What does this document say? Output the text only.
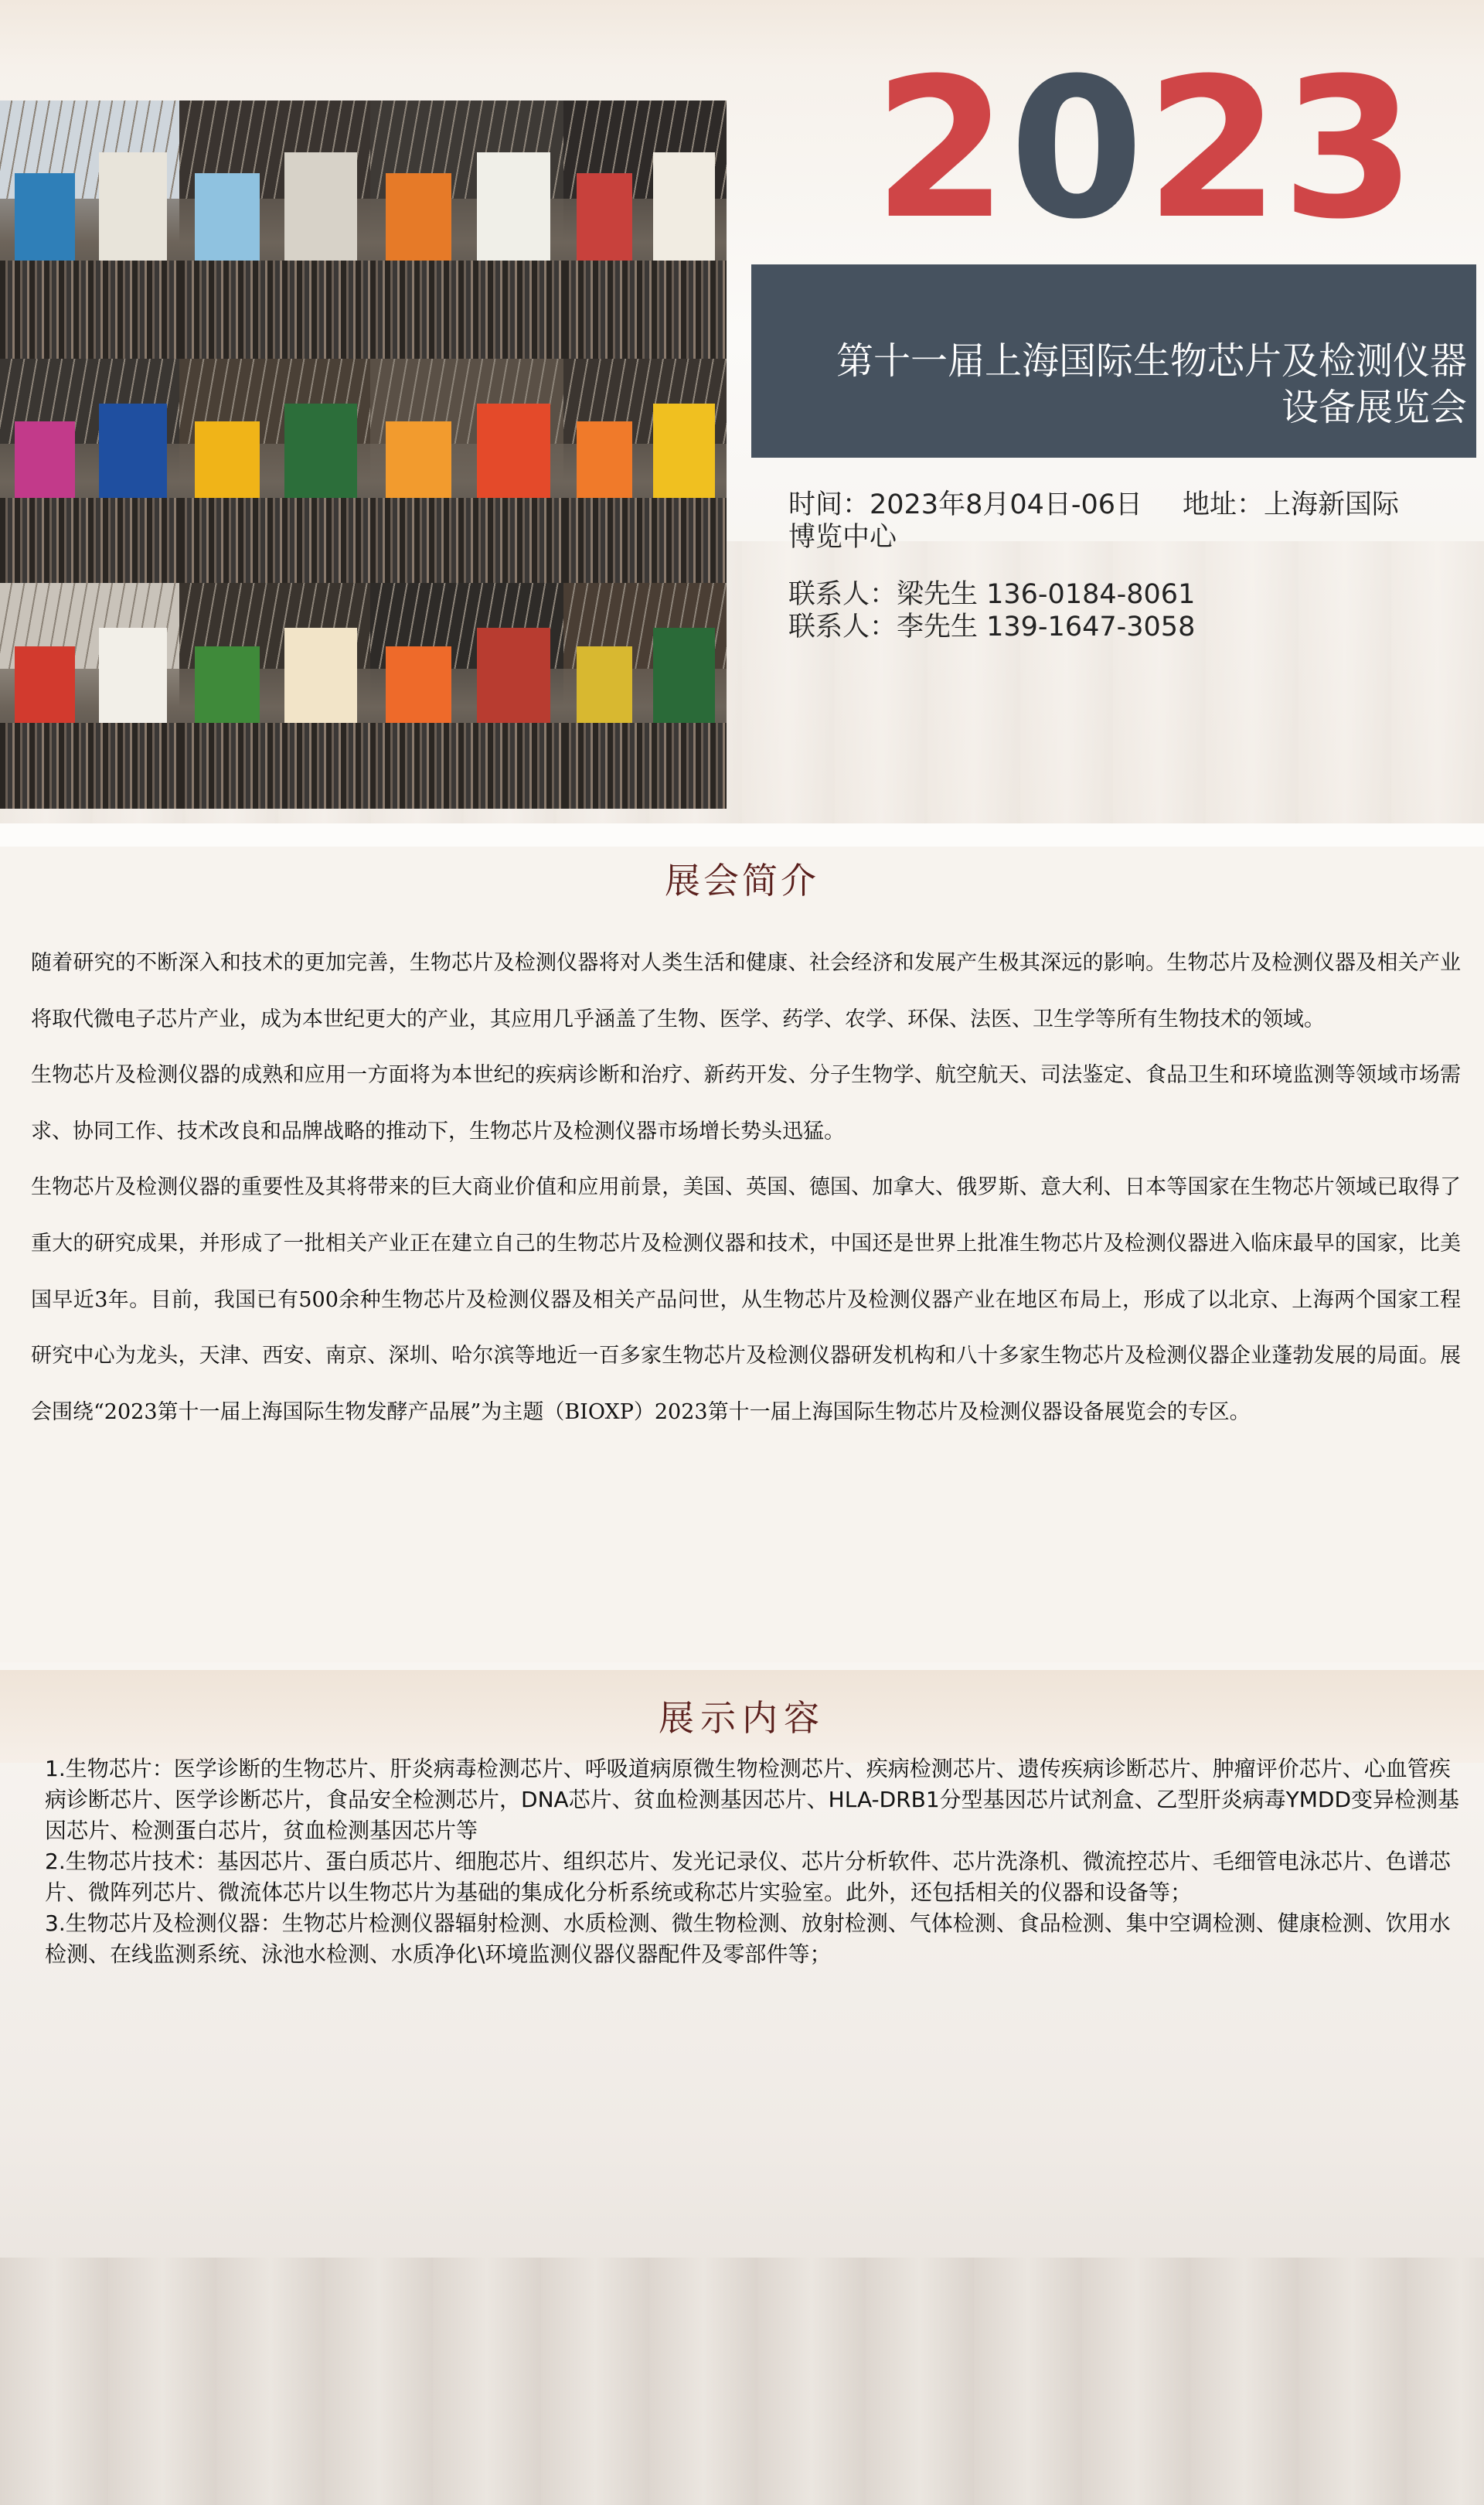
2 0 2 3
第十一届上海国际生物芯片及检测仪器
设备展览会
时间：2023年8月04日-06日 地址：上海新国际
博览中心
联系人：梁先生 136-0184-8061
联系人：李先生 139-1647-3058
展会简介

随着研究的不断深入和技术的更加完善，生物芯片及检测仪器将对人类生活和健康、社会经济和发展产生极其深远的影响。生物芯片及检测仪器及相关产业将取代微电子芯片产业，成为本世纪更大的产业，其应用几乎涵盖了生物、医学、药学、农学、环保、法医、卫生学等所有生物技术的领域。

生物芯片及检测仪器的成熟和应用一方面将为本世纪的疾病诊断和治疗、新药开发、分子生物学、航空航天、司法鉴定、食品卫生和环境监测等领域市场需求、协同工作、技术改良和品牌战略的推动下，生物芯片及检测仪器市场增长势头迅猛。

生物芯片及检测仪器的重要性及其将带来的巨大商业价值和应用前景，美国、英国、德国、加拿大、俄罗斯、意大利、日本等国家在生物芯片领域已取得了重大的研究成果，并形成了一批相关产业正在建立自己的生物芯片及检测仪器和技术，中国还是世界上批准生物芯片及检测仪器进入临床最早的国家，比美国早近3年。目前，我国已有500余种生物芯片及检测仪器及相关产品问世，从生物芯片及检测仪器产业在地区布局上，形成了以北京、上海两个国家工程研究中心为龙头，天津、西安、南京、深圳、哈尔滨等地近一百多家生物芯片及检测仪器研发机构和八十多家生物芯片及检测仪器企业蓬勃发展的局面。展会围绕“2023第十一届上海国际生物发酵产品展”为主题（BIOXP）2023第十一届上海国际生物芯片及检测仪器设备展览会的专区。

展示内容

1.生物芯片：医学诊断的生物芯片、肝炎病毒检测芯片、呼吸道病原微生物检测芯片、疾病检测芯片、遗传疾病诊断芯片、肿瘤评价芯片、心血管疾病诊断芯片、医学诊断芯片，食品安全检测芯片，DNA芯片、贫血检测基因芯片、HLA-DRB1分型基因芯片试剂盒、乙型肝炎病毒YMDD变异检测基因芯片、检测蛋白芯片，贫血检测基因芯片等

2.生物芯片技术：基因芯片、蛋白质芯片、细胞芯片、组织芯片、发光记录仪、芯片分析软件、芯片洗涤机、微流控芯片、毛细管电泳芯片、色谱芯片、微阵列芯片、微流体芯片以生物芯片为基础的集成化分析系统或称芯片实验室。此外，还包括相关的仪器和设备等；

3.生物芯片及检测仪器：生物芯片检测仪器辐射检测、水质检测、微生物检测、放射检测、气体检测、食品检测、集中空调检测、健康检测、饮用水检测、在线监测系统、泳池水检测、水质净化\环境监测仪器仪器配件及零部件等；
